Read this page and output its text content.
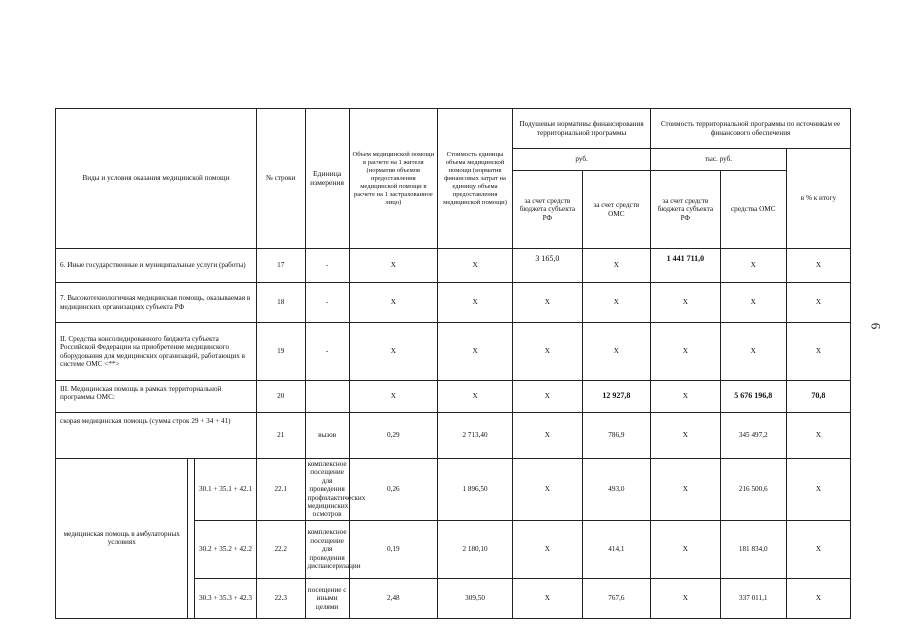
6
Виды и условия оказания медицинской помощи			№ строки	Единица измерения	Объем медицинской помощи в расчете на 1 жителя (норматив объемов предоставления медицинской помощи в расчете на 1 застрахованное лицо)	Стоимость единицы объема медицинской помощи (норматив финансовых затрат на единицу объема предоставления медицинской помощи)	Подушевые нормативы финансирования территориальной программы		Стоимость территориальной программы по источникам ее финансового обеспечения		
							руб.		тыс. руб.		в % к итогу
							за счет средств бюджета субъекта РФ	за счет средств ОМС	за счет средств бюджета субъекта РФ	средства ОМС	
6. Иные государственные и муниципальные услуги (работы)			17	-	X	X	3 165,0	X	1 441 711,0	X	X
7. Высокотехнологичная медицинская помощь, оказываемая в медицинских организациях субъекта РФ			18	-	X	X	X	X	X	X	X
II. Средства консолидированного бюджета субъекта Российской Федерации на приобретение медицинского оборудования для медицинских организаций, работающих в системе ОМС <**>			19	-	X	X	X	X	X	X	X
III. Медицинская помощь в рамках территориальной программы ОМС:			20		X	X	X	12 927,8	X	5 676 196,8	70,8
скорая медицинская помощь (сумма строк 29 + 34 + 41)			21	вызов	0,29	2 713,40	X	786,9	X	345 497,2	X
медицинская помощь в амбулаторных условиях		30.1 + 35.1 + 42.1	22.1	комплексное посещение для проведения профилактических медицинских осмотров	0,26	1 896,50	X	493,0	X	216 500,6	X
		30.2 + 35.2 + 42.2	22.2	комплексное посещение для проведения диспансеризации	0,19	2 180,10	X	414,1	X	181 834,0	X
		30.3 + 35.3 + 42.3	22.3	посещение с иными целями	2,48	309,50	X	767,6	X	337 011,1	X
